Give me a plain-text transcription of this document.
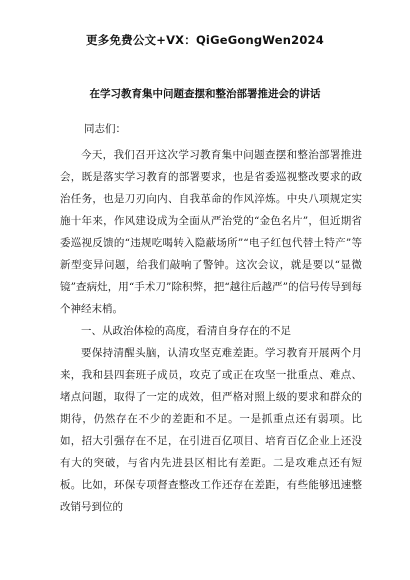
更多免费公文+VX：QiGeGongWen2024
在学习教育集中问题查摆和整治部署推进会的讲话

同志们：

今天，我们召开这次学习教育集中问题查摆和整治部署推进会，既是落实学习教育的部署要求，也是省委巡视整改要求的政治任务，也是刀刃向内、自我革命的作风淬炼。中央八项规定实施十年来，作风建设成为全面从严治党的“金色名片”，但近期省委巡视反馈的“违规吃喝转入隐蔽场所”“电子红包代替土特产”等新型变异问题，给我们敲响了警钟。这次会议，就是要以“显微镜”查病灶，用“手术刀”除积弊，把“越往后越严”的信号传导到每个神经末梢。

一、从政治体检的高度，看清自身存在的不足

要保持清醒头脑，认清攻坚克难差距。学习教育开展两个月来，我和县四套班子成员，攻克了或正在攻坚一批重点、难点、堵点问题，取得了一定的成效，但严格对照上级的要求和群众的期待，仍然存在不少的差距和不足。一是抓重点还有弱项。比如，招大引强存在不足，在引进百亿项目、培育百亿企业上还没有大的突破，与省内先进县区相比有差距。二是攻难点还有短板。比如，环保专项督查整改工作还存在差距，有些能够迅速整改销号到位的
